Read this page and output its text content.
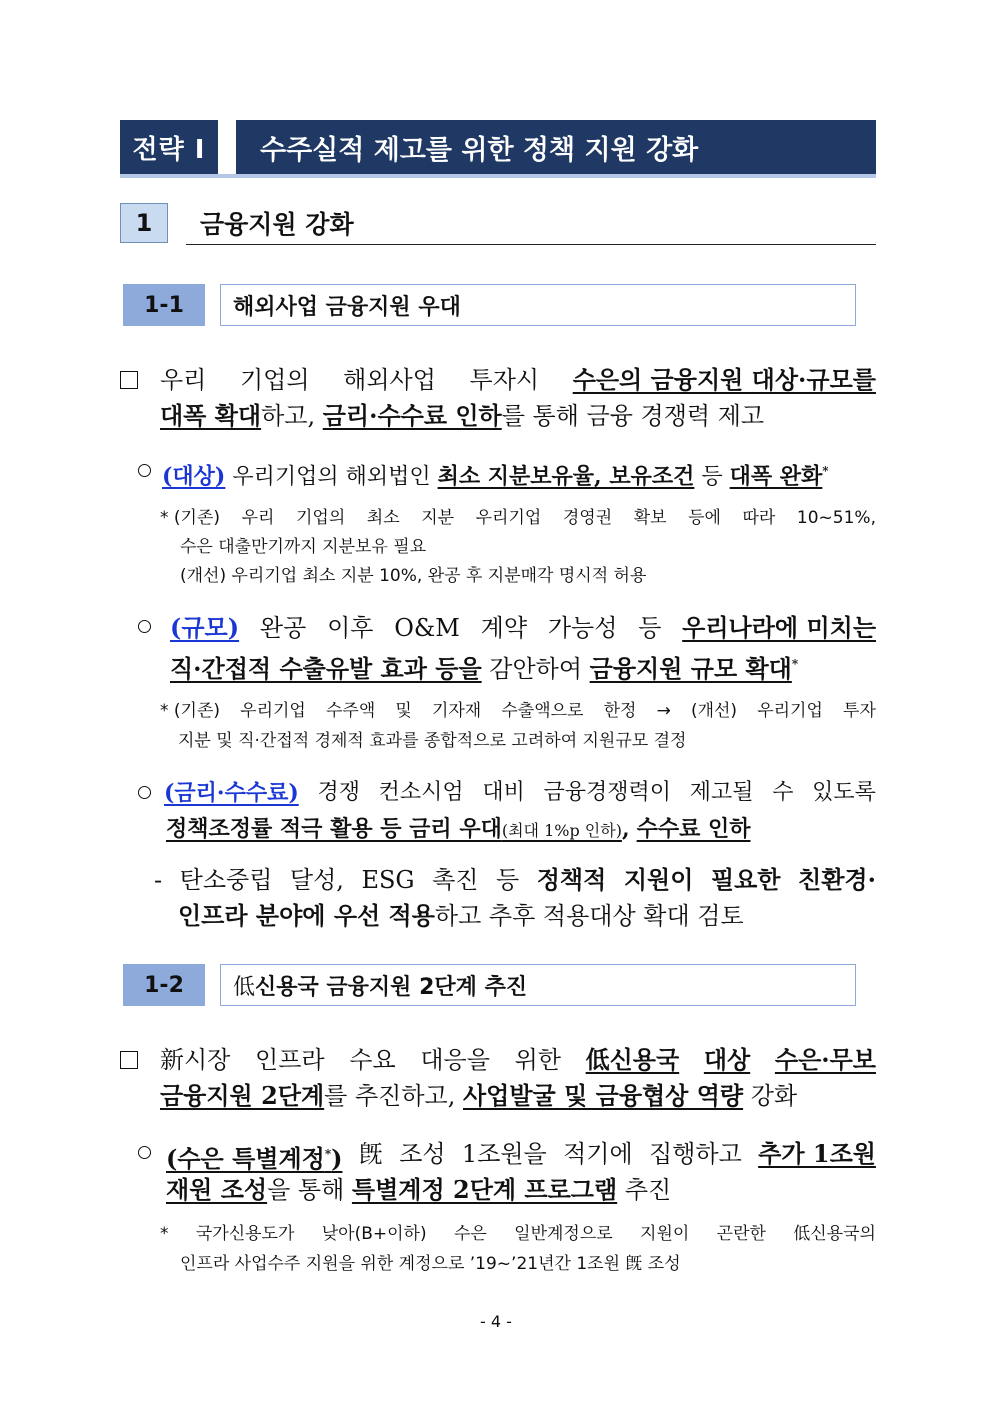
전략 Ⅰ	수주실적 제고를 위한 정책 지원 강화
1	금융지원 강화
1-1	해외사업 금융지원 우대
우리 기업의 해외사업 투자시 수은의 금융지원 대상·규모를
대폭 확대하고, 금리·수수료 인하를 통해 금융 경쟁력 제고
(대상) 우리기업의 해외법인 최소 지분보유율, 보유조건 등 대폭 완화*
* (기존) 우리 기업의 최소 지분 우리기업 경영권 확보 등에 따라 10~51%,
수은 대출만기까지 지분보유 필요
(개선) 우리기업 최소 지분 10%, 완공 후 지분매각 명시적 허용
(규모) 완공 이후 O&M 계약 가능성 등 우리나라에 미치는
직·간접적 수출유발 효과 등을 감안하여 금융지원 규모 확대*
* (기존) 우리기업 수주액 및 기자재 수출액으로 한정 → (개선) 우리기업 투자
지분 및 직·간접적 경제적 효과를 종합적으로 고려하여 지원규모 결정
(금리·수수료) 경쟁 컨소시엄 대비 금융경쟁력이 제고될 수 있도록
정책조정률 적극 활용 등 금리 우대(최대 1%p 인하), 수수료 인하
- 탄소중립 달성, ESG 촉진 등 정책적 지원이 필요한 친환경·
인프라 분야에 우선 적용하고 추후 적용대상 확대 검토
1-2	低 신용국 금융지원 2단계 추진
新시장 인프라 수요 대응을 위한 低신용국 대상 수은·무보
금융지원 2단계를 추진하고, 사업발굴 및 금융협상 역량 강화
(수은 특별계정*) 旣 조성 1조원을 적기에 집행하고 추가 1조원
재원 조성을 통해 특별계정 2단계 프로그램 추진
* 국가신용도가 낮아(B+이하) 수은 일반계정으로 지원이 곤란한 低신용국의
인프라 사업수주 지원을 위한 계정으로 ’19~’21년간 1조원 旣 조성
- 4 -
